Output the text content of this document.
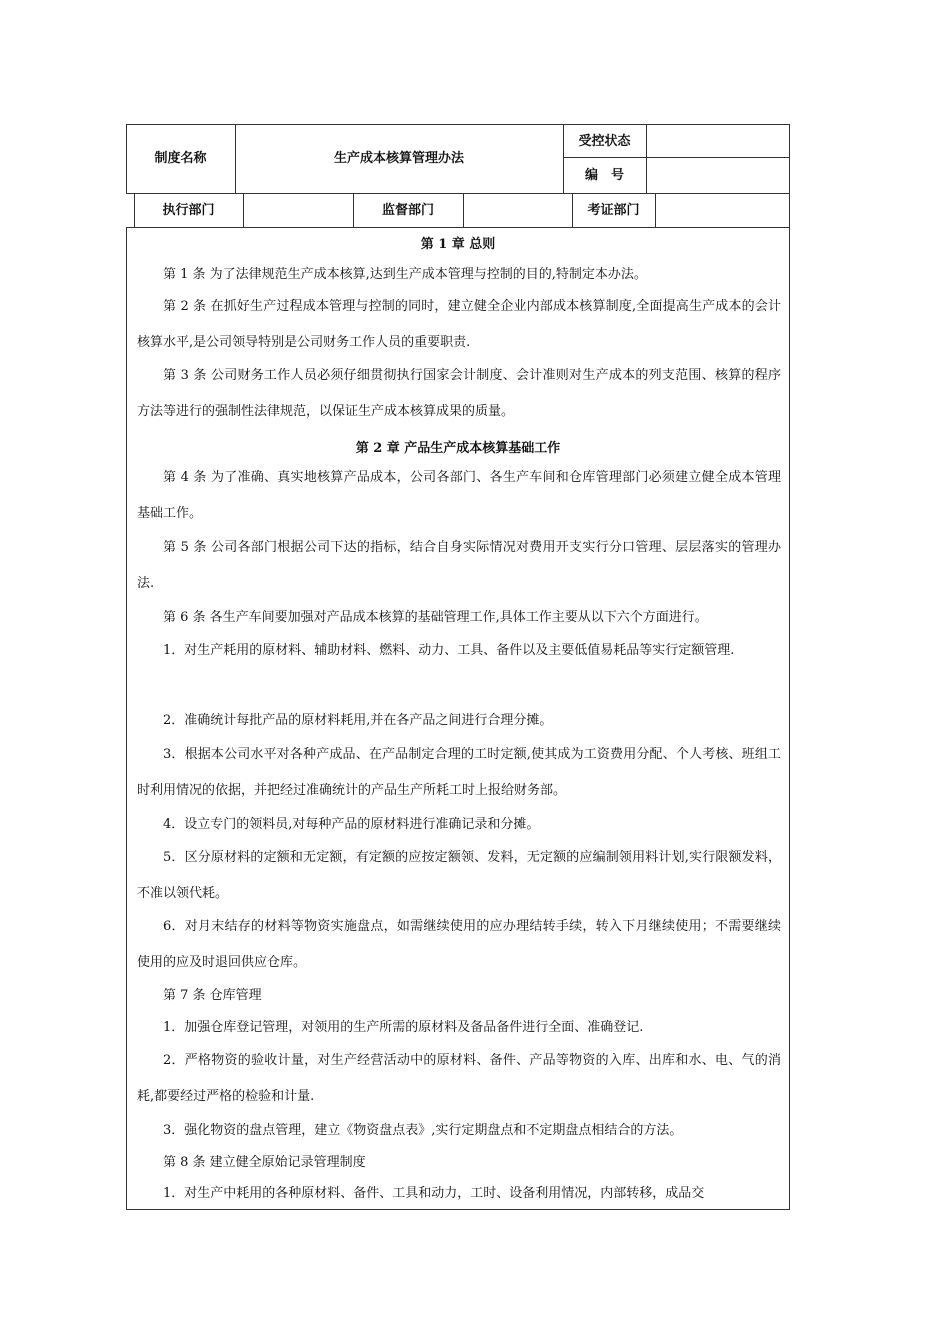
制度名称	生产成本核算管理办法
受控状态
编　号
执行部门	监督部门	考证部门
第 1 章 总则
第 1 条 为了法律规范生产成本核算,达到生产成本管理与控制的目的,特制定本办法。
第 2 条 在抓好生产过程成本管理与控制的同时，建立健全企业内部成本核算制度,全面提高生产成本的会计核算水平,是公司领导特别是公司财务工作人员的重要职责.
第 3 条 公司财务工作人员必须仔细贯彻执行国家会计制度、会计准则对生产成本的列支范围、核算的程序方法等进行的强制性法律规范，以保证生产成本核算成果的质量。
第 2 章 产品生产成本核算基础工作
第 4 条 为了准确、真实地核算产品成本，公司各部门、各生产车间和仓库管理部门必须建立健全成本管理基础工作。
第 5 条 公司各部门根据公司下达的指标，结合自身实际情况对费用开支实行分口管理、层层落实的管理办法.
第 6 条 各生产车间要加强对产品成本核算的基础管理工作,具体工作主要从以下六个方面进行。
1．对生产耗用的原材料、辅助材料、燃料、动力、工具、备件以及主要低值易耗品等实行定额管理.
2．准确统计每批产品的原材料耗用,并在各产品之间进行合理分摊。
3．根据本公司水平对各种产成品、在产品制定合理的工时定额,使其成为工资费用分配、个人考核、班组工时利用情况的依据，并把经过准确统计的产品生产所耗工时上报给财务部。
4．设立专门的领料员,对每种产品的原材料进行准确记录和分摊。
5．区分原材料的定额和无定额，有定额的应按定额领、发料，无定额的应编制领用料计划,实行限额发料，不准以领代耗。
6．对月末结存的材料等物资实施盘点，如需继续使用的应办理结转手续，转入下月继续使用；不需要继续使用的应及时退回供应仓库。
第 7 条 仓库管理
1．加强仓库登记管理，对领用的生产所需的原材料及备品备件进行全面、准确登记.
2．严格物资的验收计量，对生产经营活动中的原材料、备件、产品等物资的入库、出库和水、电、气的消耗,都要经过严格的检验和计量.
3．强化物资的盘点管理，建立《物资盘点表》,实行定期盘点和不定期盘点相结合的方法。
第 8 条 建立健全原始记录管理制度
1．对生产中耗用的各种原材料、备件、工具和动力，工时、设备利用情况，内部转移，成品交
